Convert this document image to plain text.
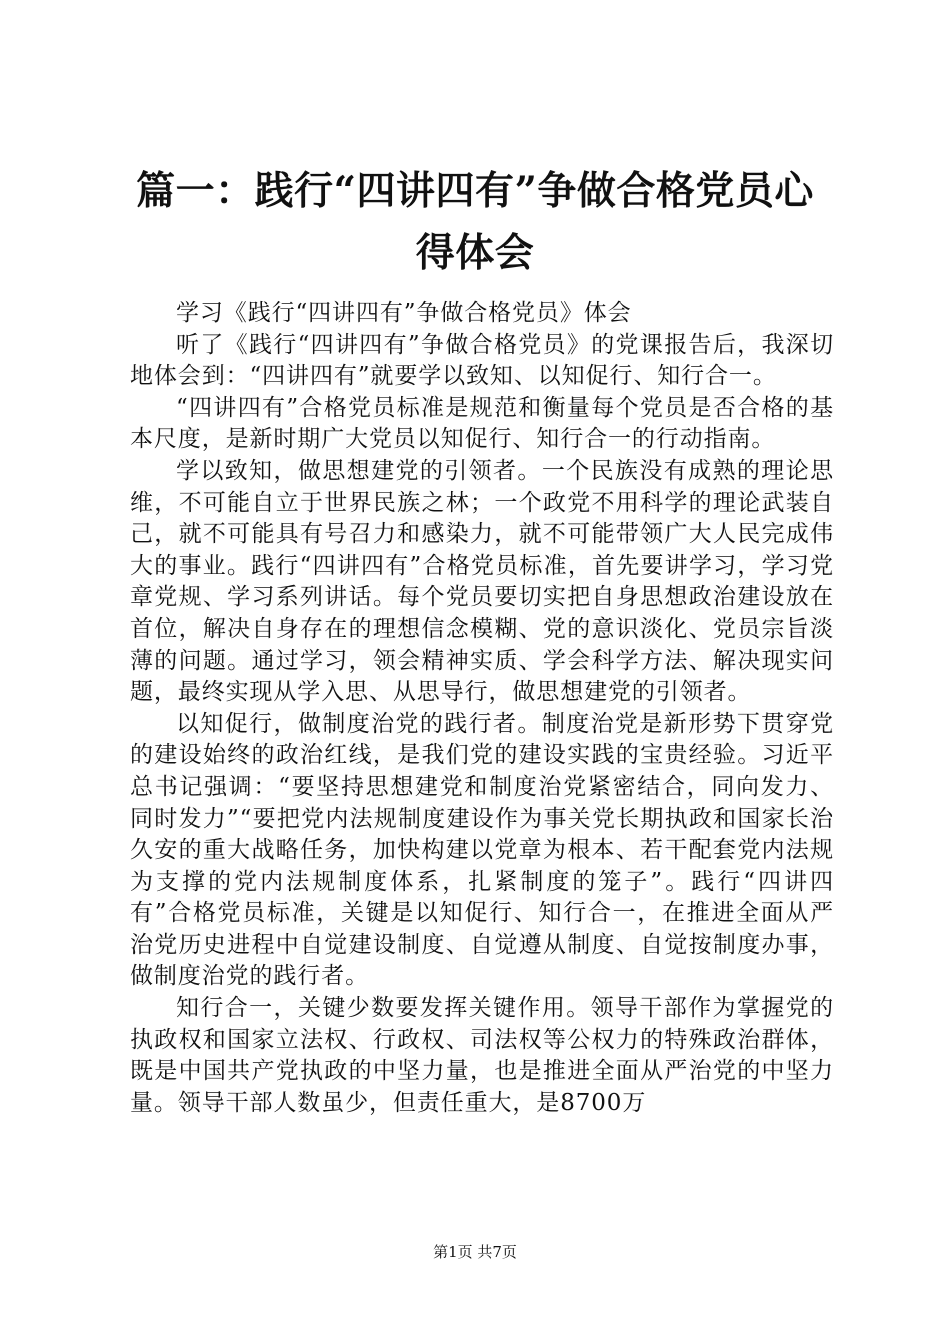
篇一：践行“四讲四有”争做合格党员心得体会

学习《践行“四讲四有”争做合格党员》体会

听了《践行“四讲四有”争做合格党员》的党课报告后，我深切地体会到：“四讲四有”就要学以致知、以知促行、知行合一。

“四讲四有”合格党员标准是规范和衡量每个党员是否合格的基本尺度，是新时期广大党员以知促行、知行合一的行动指南。

学以致知，做思想建党的引领者。一个民族没有成熟的理论思维，不可能自立于世界民族之林；一个政党不用科学的理论武装自己，就不可能具有号召力和感染力，就不可能带领广大人民完成伟大的事业。践行“四讲四有”合格党员标准，首先要讲学习，学习党章党规、学习系列讲话。每个党员要切实把自身思想政治建设放在首位，解决自身存在的理想信念模糊、党的意识淡化、党员宗旨淡薄的问题。通过学习，领会精神实质、学会科学方法、解决现实问题，最终实现从学入思、从思导行，做思想建党的引领者。

以知促行，做制度治党的践行者。制度治党是新形势下贯穿党的建设始终的政治红线，是我们党的建设实践的宝贵经验。习近平总书记强调：“要坚持思想建党和制度治党紧密结合，同向发力、同时发力”“要把党内法规制度建设作为事关党长期执政和国家长治久安的重大战略任务，加快构建以党章为根本、若干配套党内法规为支撑的党内法规制度体系，扎紧制度的笼子”。践行“四讲四有”合格党员标准，关键是以知促行、知行合一，在推进全面从严治党历史进程中自觉建设制度、自觉遵从制度、自觉按制度办事，做制度治党的践行者。

知行合一，关键少数要发挥关键作用。领导干部作为掌握党的执政权和国家立法权、行政权、司法权等公权力的特殊政治群体，既是中国共产党执政的中坚力量，也是推进全面从严治党的中坚力量。领导干部人数虽少，但责任重大，是8700万

第1页 共7页
